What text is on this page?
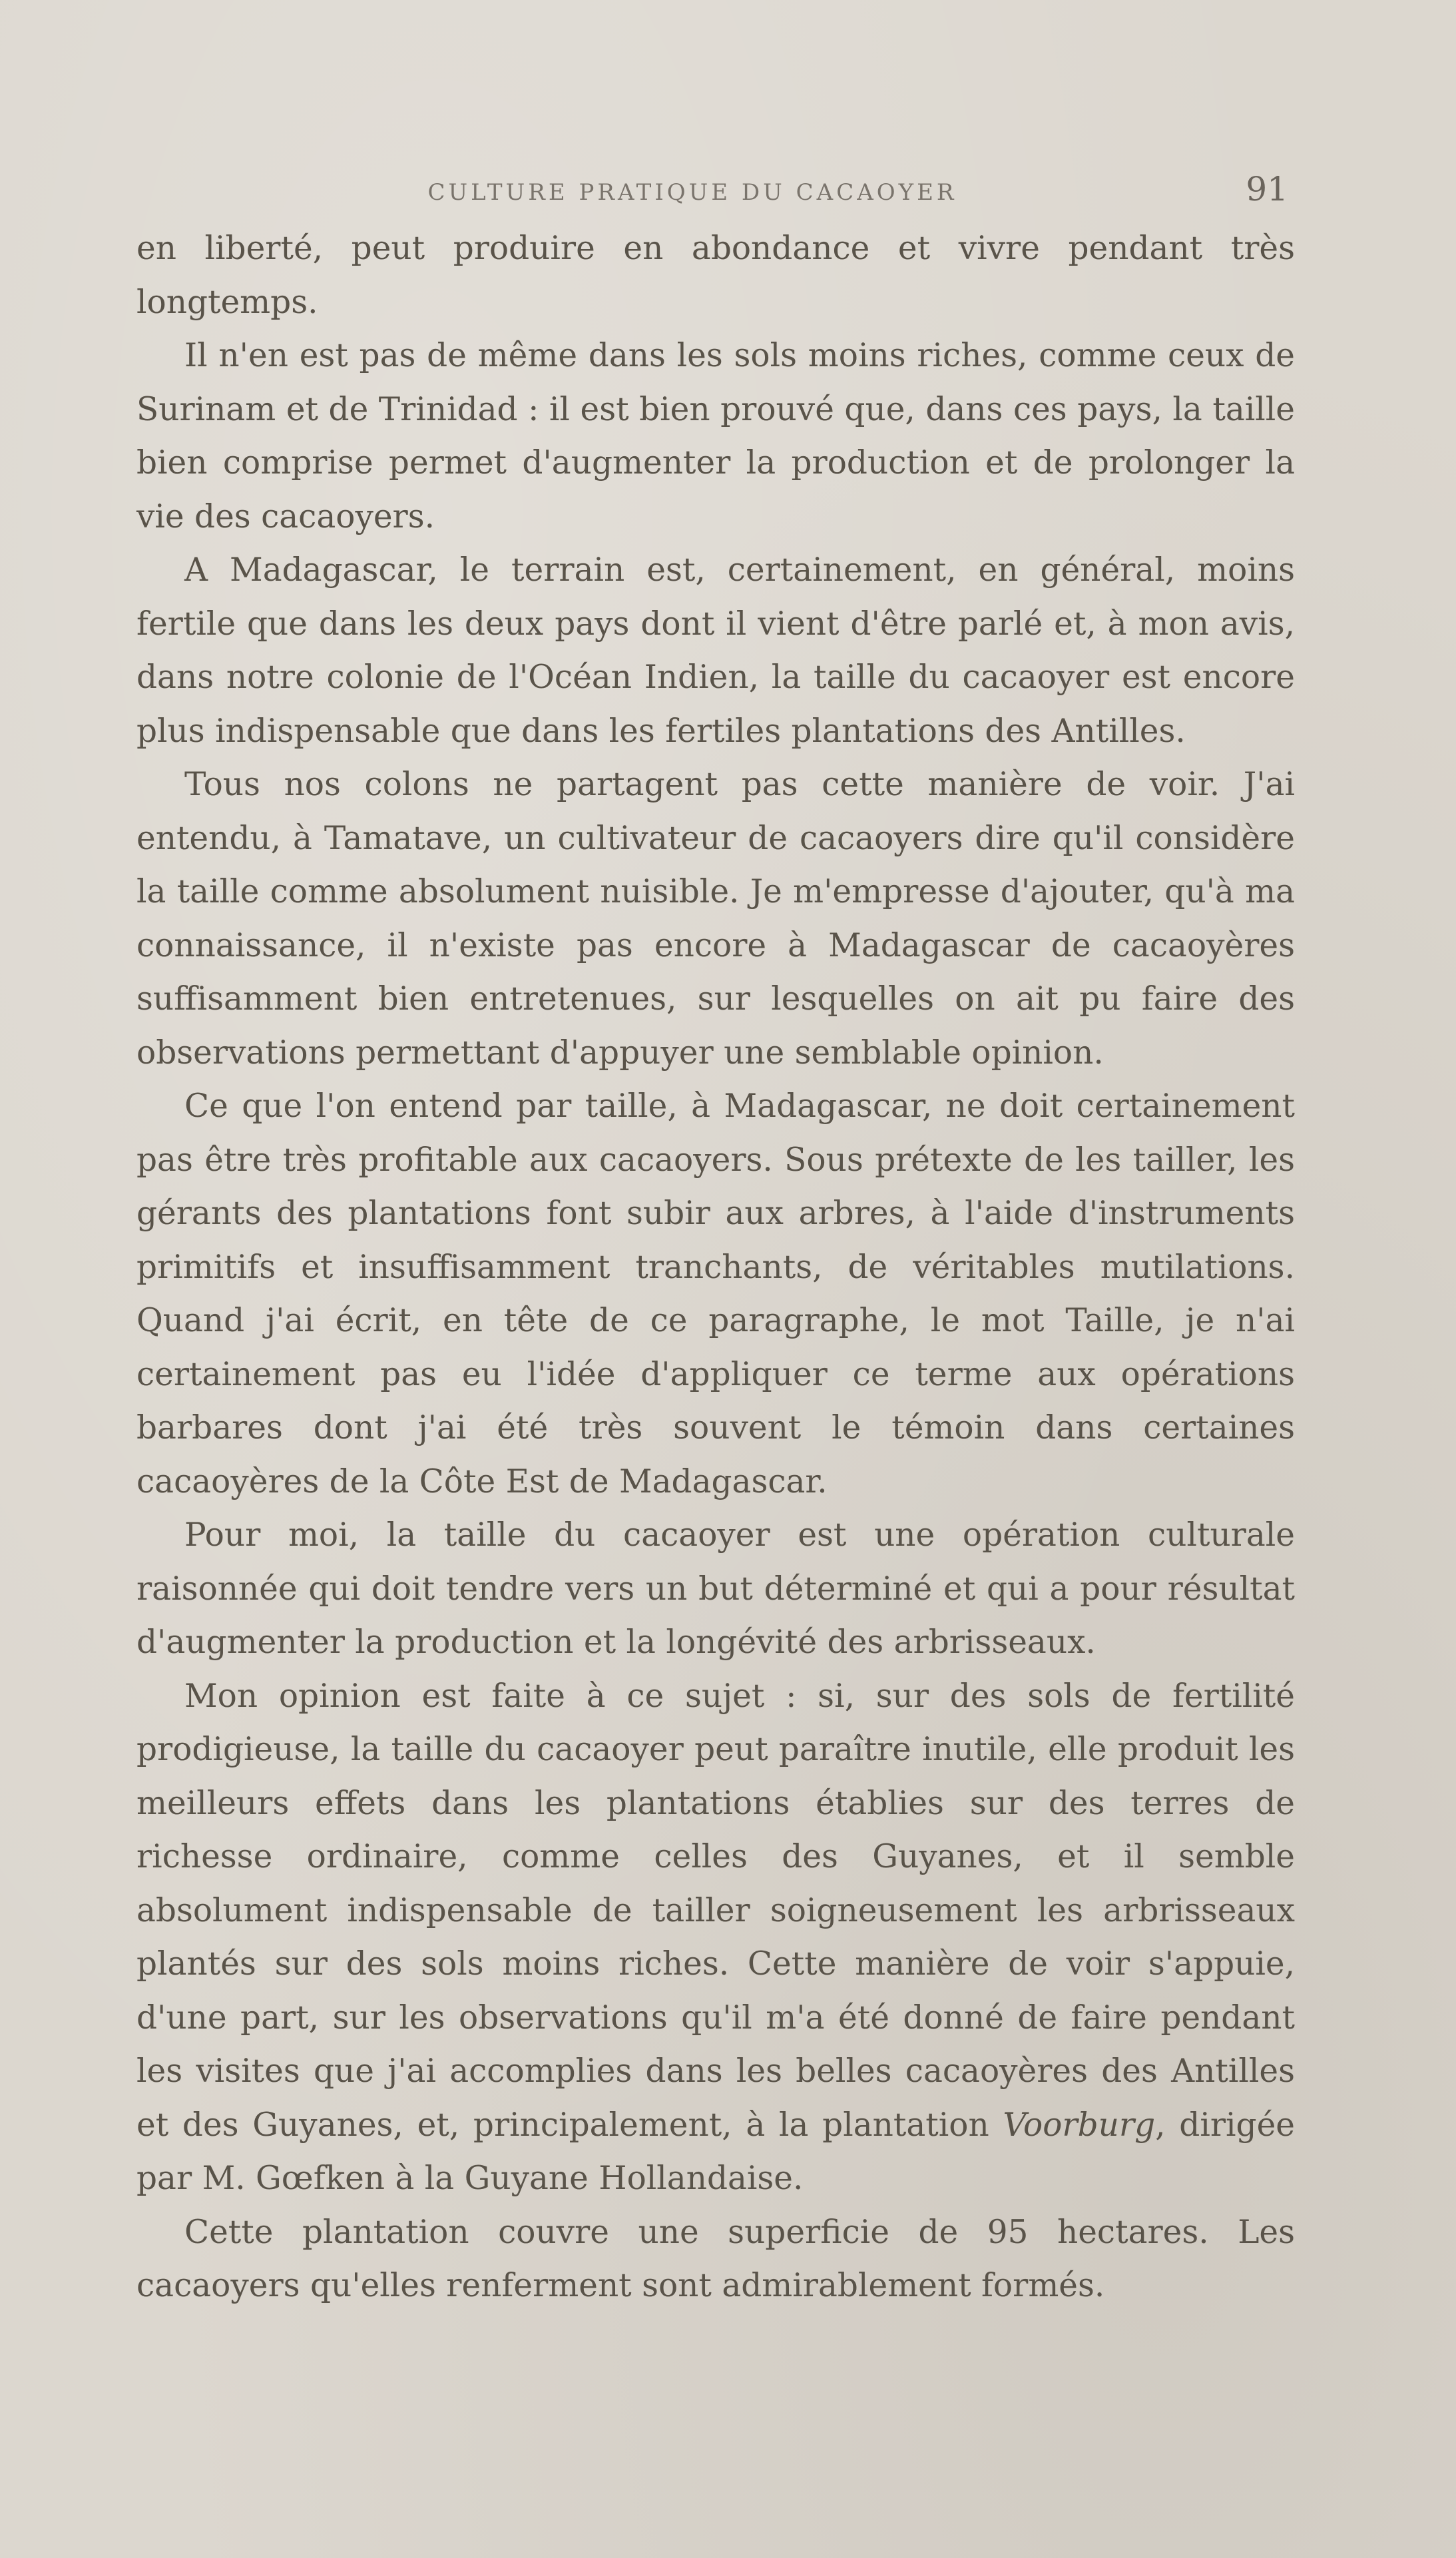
CULTURE PRATIQUE DU CACAOYER	91

en liberté, peut produire en abondance et vivre pendant très longtemps.

Il n'en est pas de même dans les sols moins riches, comme ceux de Surinam et de Trinidad : il est bien prouvé que, dans ces pays, la taille bien comprise permet d'augmenter la production et de prolonger la vie des cacaoyers.

A Madagascar, le terrain est, certainement, en général, moins fertile que dans les deux pays dont il vient d'être parlé et, à mon avis, dans notre colonie de l'Océan Indien, la taille du cacaoyer est encore plus indispensable que dans les fertiles plantations des Antilles.

Tous nos colons ne partagent pas cette manière de voir. J'ai entendu, à Tamatave, un cultivateur de cacaoyers dire qu'il considère la taille comme absolument nuisible. Je m'empresse d'ajouter, qu'à ma connaissance, il n'existe pas encore à Madagascar de cacaoyères suffisamment bien entretenues, sur lesquelles on ait pu faire des observations permettant d'appuyer une semblable opinion.

Ce que l'on entend par taille, à Madagascar, ne doit certainement pas être très profitable aux cacaoyers. Sous prétexte de les tailler, les gérants des plantations font subir aux arbres, à l'aide d'instruments primitifs et insuffisamment tranchants, de véritables mutilations. Quand j'ai écrit, en tête de ce paragraphe, le mot Taille, je n'ai certainement pas eu l'idée d'appliquer ce terme aux opérations barbares dont j'ai été très souvent le témoin dans certaines cacaoyères de la Côte Est de Madagascar.

Pour moi, la taille du cacaoyer est une opération culturale raisonnée qui doit tendre vers un but déterminé et qui a pour résultat d'augmenter la production et la longévité des arbrisseaux.

Mon opinion est faite à ce sujet : si, sur des sols de fertilité prodigieuse, la taille du cacaoyer peut paraître inutile, elle produit les meilleurs effets dans les plantations établies sur des terres de richesse ordinaire, comme celles des Guyanes, et il semble absolument indispensable de tailler soigneusement les arbrisseaux plantés sur des sols moins riches. Cette manière de voir s'appuie, d'une part, sur les observations qu'il m'a été donné de faire pendant les visites que j'ai accomplies dans les belles cacaoyères des Antilles et des Guyanes, et, principalement, à la plantation Voorburg, dirigée par M. Gœfken à la Guyane Hollandaise.

Cette plantation couvre une superficie de 95 hectares. Les cacaoyers qu'elles renferment sont admirablement formés.
